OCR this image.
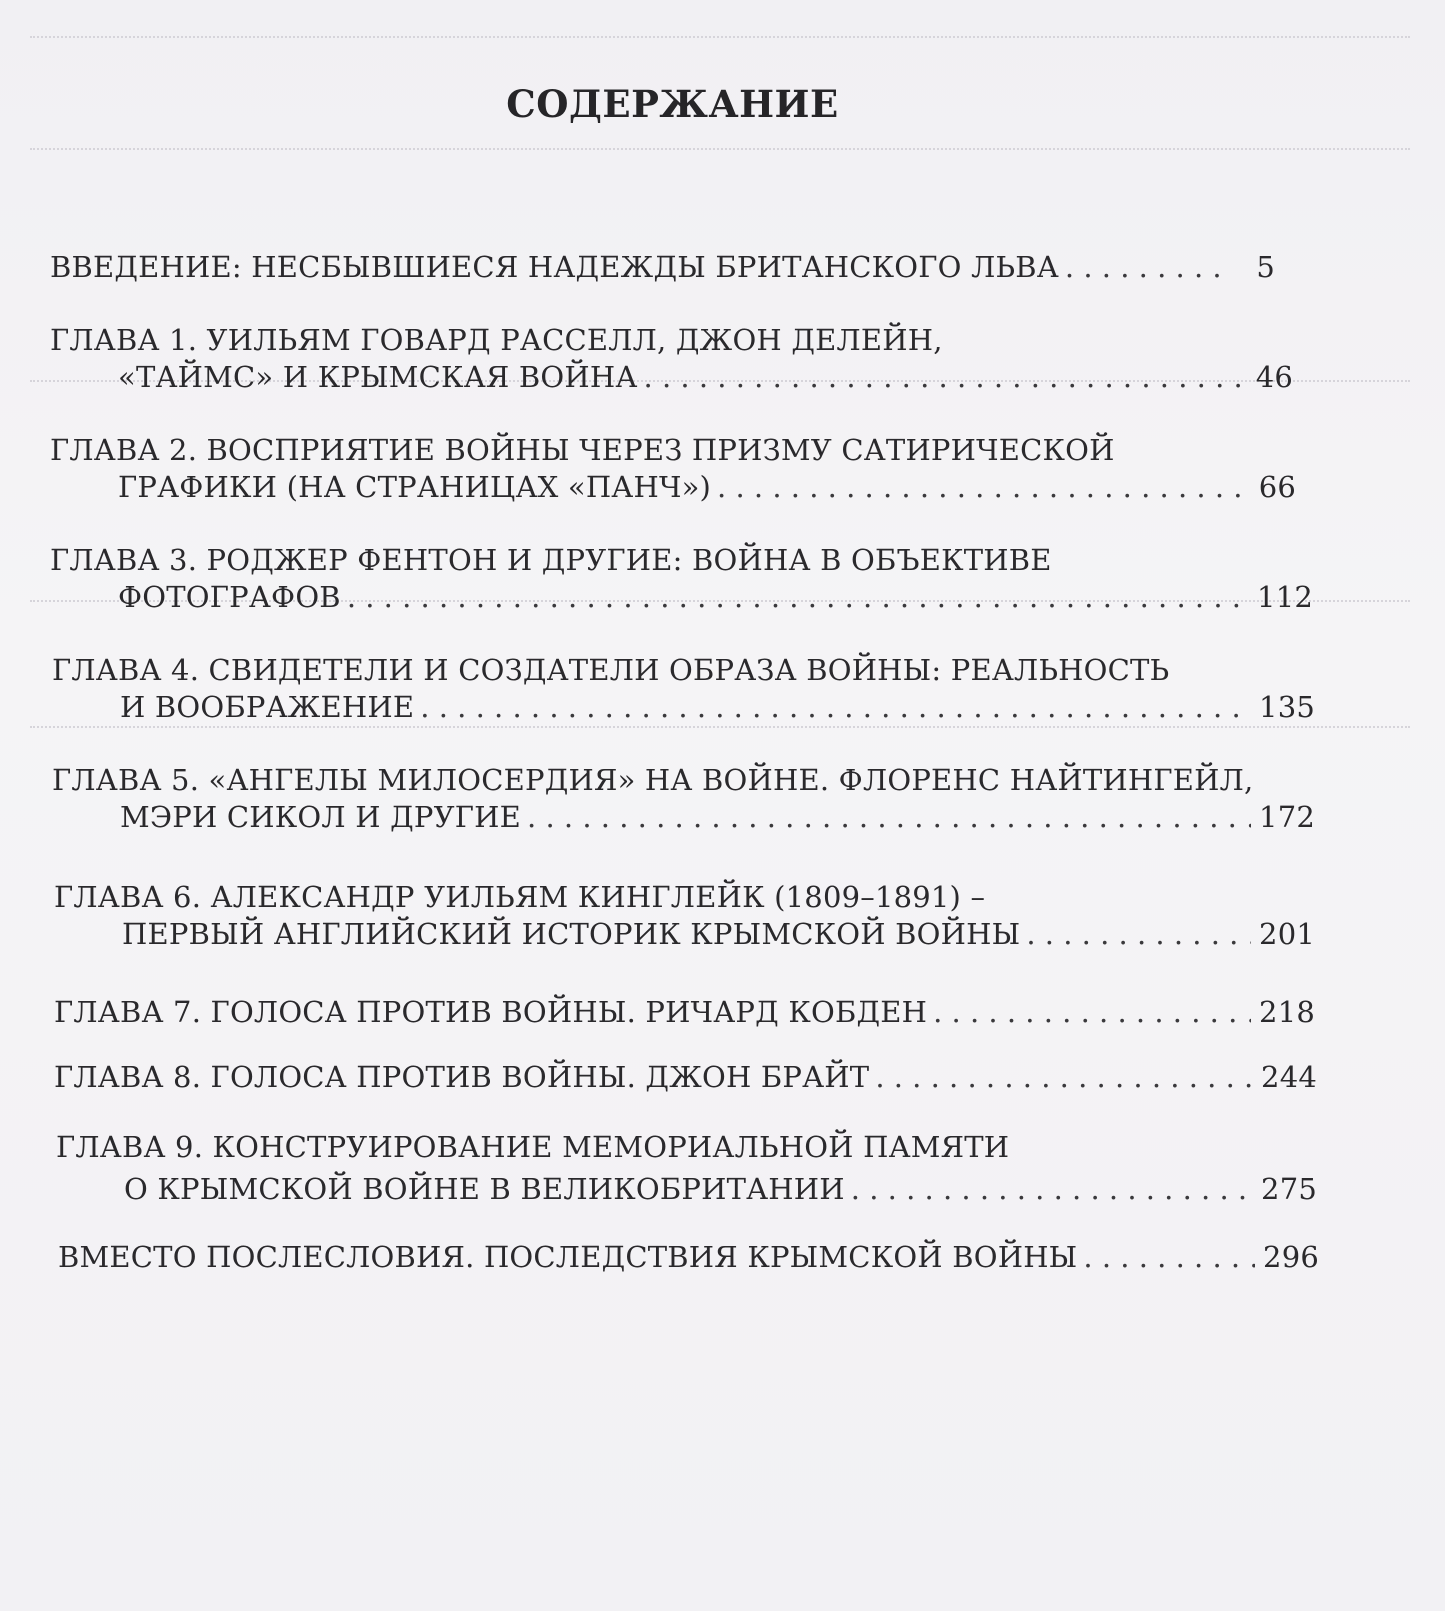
СОДЕРЖАНИЕ
ВВЕДЕНИЕ: НЕСБЫВШИЕСЯ НАДЕЖДЫ БРИТАНСКОГО ЛЬВА . . .	5
ГЛАВА 1. УИЛЬЯМ ГОВАРД РАССЕЛЛ, ДЖОН ДЕЛЕЙН,
«ТАЙМС» И КРЫМСКАЯ ВОЙНА . . .	46
ГЛАВА 2. ВОСПРИЯТИЕ ВОЙНЫ ЧЕРЕЗ ПРИЗМУ САТИРИЧЕСКОЙ
ГРАФИКИ (НА СТРАНИЦАХ «ПАНЧ») . . .	66
ГЛАВА 3. РОДЖЕР ФЕНТОН И ДРУГИЕ: ВОЙНА В ОБЪЕКТИВЕ
ФОТОГРАФОВ . . .	112
ГЛАВА 4. СВИДЕТЕЛИ И СОЗДАТЕЛИ ОБРАЗА ВОЙНЫ: РЕАЛЬНОСТЬ
И ВООБРАЖЕНИЕ . . .	135
ГЛАВА 5. «АНГЕЛЫ МИЛОСЕРДИЯ» НА ВОЙНЕ. ФЛОРЕНС НАЙТИНГЕЙЛ,
МЭРИ СИКОЛ И ДРУГИЕ . . .	172
ГЛАВА 6. АЛЕКСАНДР УИЛЬЯМ КИНГЛЕЙК (1809–1891) –
ПЕРВЫЙ АНГЛИЙСКИЙ ИСТОРИК КРЫМСКОЙ ВОЙНЫ . . .	201
ГЛАВА 7. ГОЛОСА ПРОТИВ ВОЙНЫ. РИЧАРД КОБДЕН . . .	218
ГЛАВА 8. ГОЛОСА ПРОТИВ ВОЙНЫ. ДЖОН БРАЙТ . . .	244
ГЛАВА 9. КОНСТРУИРОВАНИЕ МЕМОРИАЛЬНОЙ ПАМЯТИ
О КРЫМСКОЙ ВОЙНЕ В ВЕЛИКОБРИТАНИИ . . .	275
ВМЕСТО ПОСЛЕСЛОВИЯ. ПОСЛЕДСТВИЯ КРЫМСКОЙ ВОЙНЫ . . .	296
